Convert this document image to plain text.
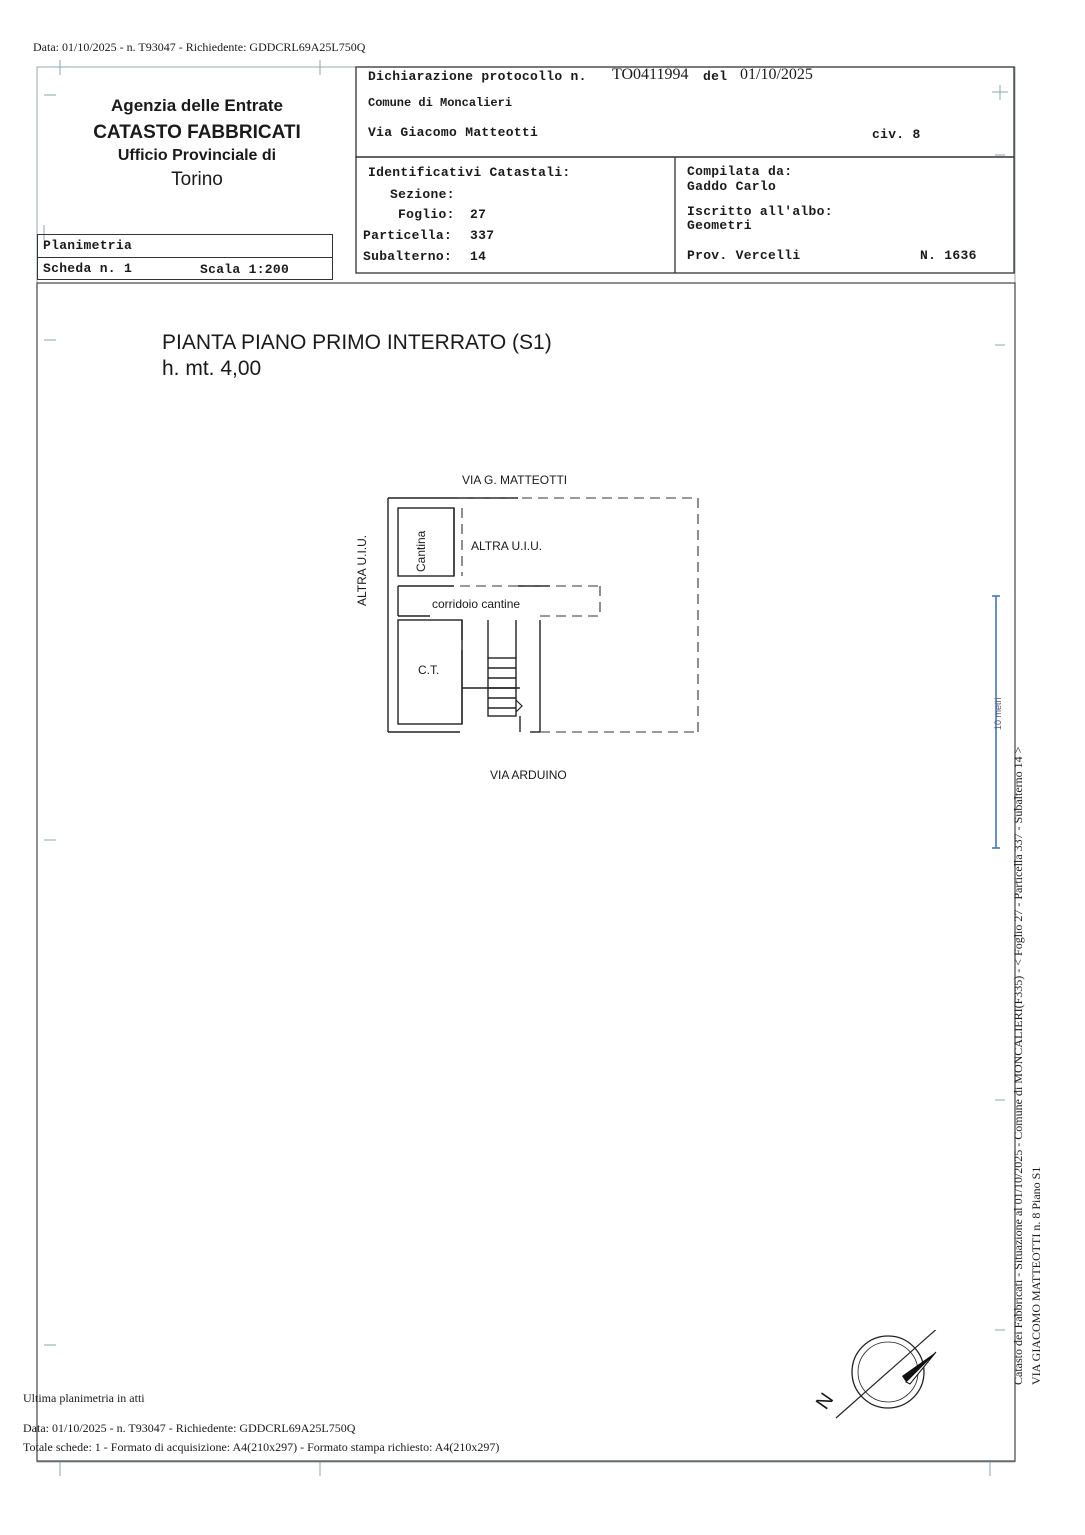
Data: 01/10/2025 - n. T93047 - Richiedente: GDDCRL69A25L750Q
Agenzia delle Entrate
CATASTO FABBRICATI
Ufficio Provinciale di
Torino
Planimetria
Scheda n. 1	Scala 1:200
Dichiarazione protocollo n. TO0411994 del 01/10/2025
Comune di Moncalieri
Via Giacomo Matteotti	civ. 8
Identificativi Catastali:
Sezione:
Foglio: 27
Particella: 337
Subalterno: 14
Compilata da:
Gaddo Carlo
Iscritto all'albo:
Geometri
Prov. Vercelli	N. 1636
PIANTA PIANO PRIMO INTERRATO (S1)
h. mt. 4,00
VIA G. MATTEOTTI
VIA ARDUINO
ALTRA U.I.U.	Cantina	ALTRA U.I.U.
corridoio cantine
C.T.
10 metri
Catasto dei Fabbricati - Situazione al 01/10/2025 - Comune di MONCALIERI(F335) - < Foglio 27 - Particella 337 - Subalterno 14 > VIA GIACOMO MATTEOTTI n. 8 Piano S1
N
Ultima planimetria in atti
Data: 01/10/2025 - n. T93047 - Richiedente: GDDCRL69A25L750Q
Totale schede: 1 - Formato di acquisizione: A4(210x297) - Formato stampa richiesto: A4(210x297)
